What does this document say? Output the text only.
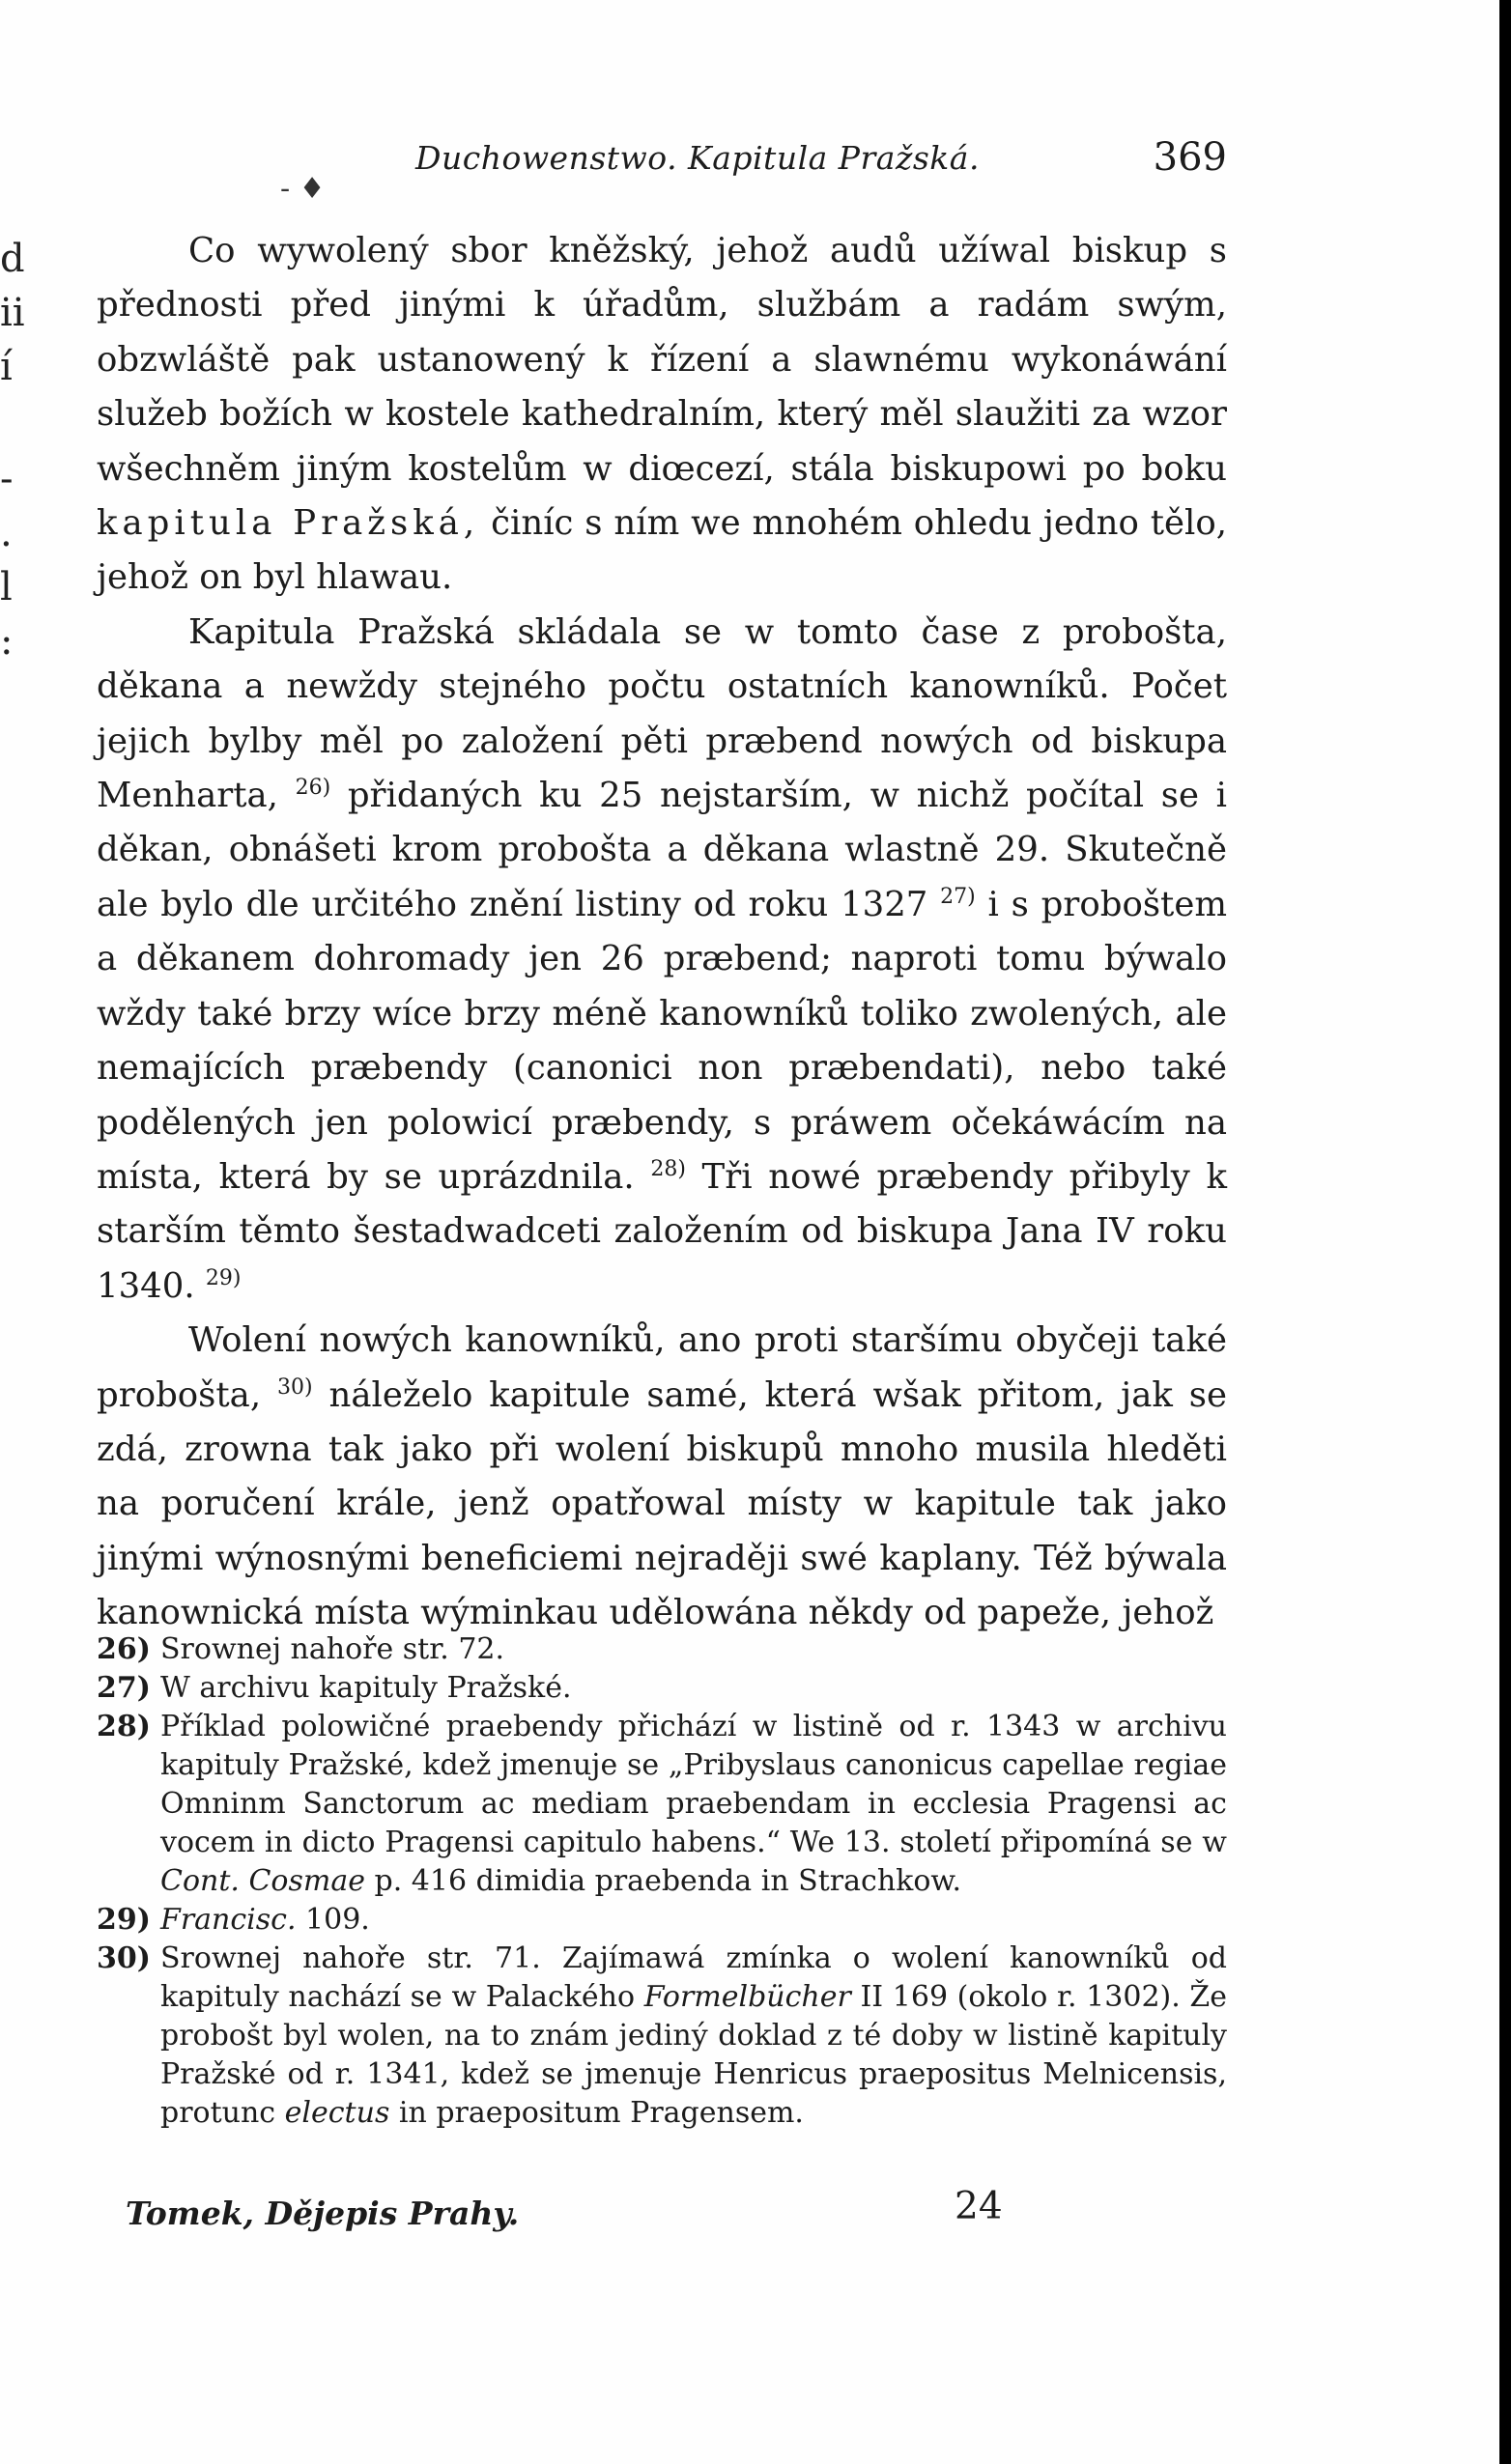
d
ii
í
-
.
l
:
Duchowenstwo. Kapitula Pražská.	369
- ♦

Co wywolený sbor kněžský, jehož audů užíwal biskup s přednosti před jinými k úřadům, službám a radám swým, obzwláště pak ustanowený k řízení a slawnému wykonáwání služeb božích w kostele kathedralním, který měl slaužiti za wzor wšechněm jiným kostelům w diœcezí, stála biskupowi po boku kapitula Pražská, činíc s ním we mnohém ohledu jedno tělo, jehož on byl hlawau.

Kapitula Pražská skládala se w tomto čase z probošta, děkana a newždy stejného počtu ostatních kanowníků. Počet jejich bylby měl po založení pěti præbend nowých od biskupa Menharta, $^{26)}$ přidaných ku 25 nejstarším, w nichž počítal se i děkan, obnášeti krom probošta a děkana wlastně 29. Skutečně ale bylo dle určitého znění listiny od roku 1327 $^{27)}$ i s proboštem a děkanem dohromady jen 26 præbend; naproti tomu býwalo wždy také brzy wíce brzy méně kanowníků toliko zwolených, ale nemajících præbendy (canonici non præbendati), nebo také podělených jen polowicí præbendy, s práwem očekáwácím na místa, která by se uprázdnila. $^{28)}$ Tři nowé præbendy přibyly k starším těmto šestadwadceti založením od biskupa Jana IV roku 1340. $^{29)}$

Wolení nowých kanowníků, ano proti staršímu obyčeji také probošta, $^{30)}$ náleželo kapitule samé, která wšak přitom, jak se zdá, zrowna tak jako při wolení biskupů mnoho musila hleděti na poručení krále, jenž opatřowal místy w kapitule tak jako jinými wýnosnými beneficiemi nejraději swé kaplany. Též býwala kanownická místa wýminkau udělowána někdy od papeže, jehož

26) Srownej nahoře str. 72.
27) W archivu kapituly Pražské.
28) Příklad polowičné praebendy přichází w listině od r. 1343 w archivu kapituly Pražské, kdež jmenuje se „Pribyslaus canonicus capellae regiae Omninm Sanctorum ac mediam praebendam in ecclesia Pragensi ac vocem in dicto Pragensi capitulo habens.“ We 13. století připomíná se w Cont. Cosmae p. 416 dimidia praebenda in Strachkow.
29) Francisc. 109.
30) Srownej nahoře str. 71. Zajímawá zmínka o wolení kanowníků od kapituly nachází se w Palackého Formelbücher II 169 (okolo r. 1302). Že probošt byl wolen, na to znám jediný doklad z té doby w listině kapituly Pražské od r. 1341, kdež se jmenuje Henricus praepositus Melnicensis, protunc electus in praepositum Pragensem.
Tomek, Dějepis Prahy.	24
